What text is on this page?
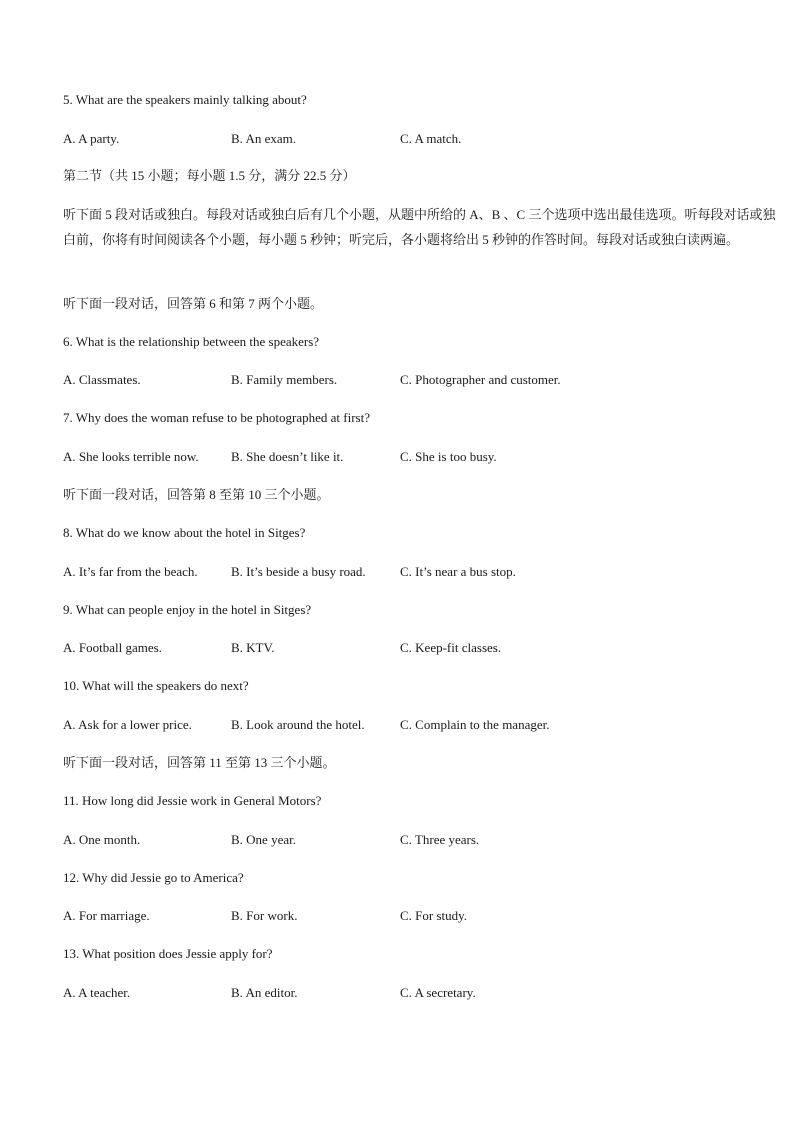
5. What are the speakers mainly talking about?
A. A party.	B. An exam.	C. A match.
第二节（共 15 小题；每小题 1.5 分，满分 22.5 分）
听下面 5 段对话或独白。每段对话或独白后有几个小题，从题中所给的 A、B 、C 三个选项中选出最佳选项。听每段对话或独白前，你将有时间阅读各个小题，每小题 5 秒钟；听完后，各小题将给出 5 秒钟的作答时间。每段对话或独白读两遍。
听下面一段对话，回答第 6 和第 7 两个小题。
6. What is the relationship between the speakers?
A. Classmates.	B. Family members.	C. Photographer and customer.
7. Why does the woman refuse to be photographed at first?
A. She looks terrible now. B. She doesn’t like it.	C. She is too busy.
听下面一段对话，回答第 8 至第 10 三个小题。
8. What do we know about the hotel in Sitges?
A. It’s far from the beach.	B. It’s beside a busy road.	C. It’s near a bus stop.
9. What can people enjoy in the hotel in Sitges?
A. Football games.	B. KTV.	C. Keep-fit classes.
10. What will the speakers do next?
A. Ask for a lower price.	B. Look around the hotel.	C. Complain to the manager.
听下面一段对话，回答第 11 至第 13 三个小题。
11. How long did Jessie work in General Motors?
A. One month.	B. One year.	C. Three years.
12. Why did Jessie go to America?
A. For marriage.	B. For work.	C. For study.
13. What position does Jessie apply for?
A. A teacher.	B. An editor.	C. A secretary.
